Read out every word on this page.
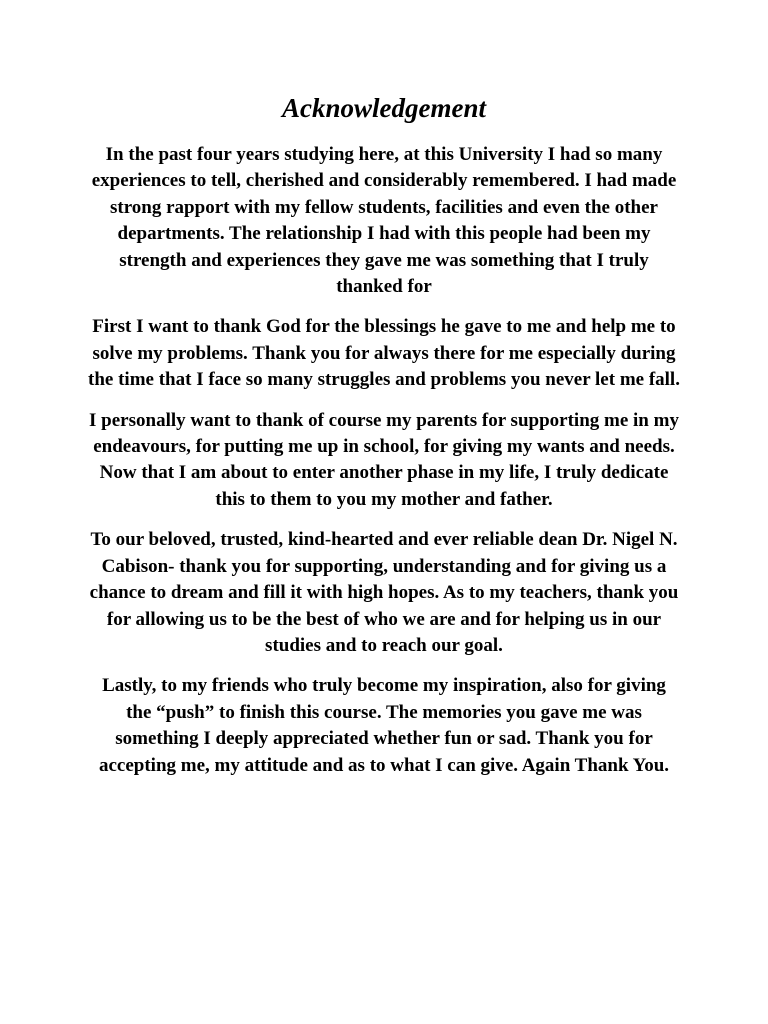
Acknowledgement

In the past four years studying here, at this University I had so many experiences to tell, cherished and considerably remembered. I had made strong rapport with my fellow students, facilities and even the other departments. The relationship I had with this people had been my strength and experiences they gave me was something that I truly thanked for

First I want to thank God for the blessings he gave to me and help me to solve my problems. Thank you for always there for me especially during the time that I face so many struggles and problems you never let me fall.

I personally want to thank of course my parents for supporting me in my endeavours, for putting me up in school, for giving my wants and needs. Now that I am about to enter another phase in my life, I truly dedicate this to them to you my mother and father.

To our beloved, trusted, kind-hearted and ever reliable dean Dr. Nigel N. Cabison- thank you for supporting, understanding and for giving us a chance to dream and fill it with high hopes. As to my teachers, thank you for allowing us to be the best of who we are and for helping us in our studies and to reach our goal.

Lastly, to my friends who truly become my inspiration, also for giving the “push” to finish this course. The memories you gave me was something I deeply appreciated whether fun or sad. Thank you for accepting me, my attitude and as to what I can give. Again Thank You.
